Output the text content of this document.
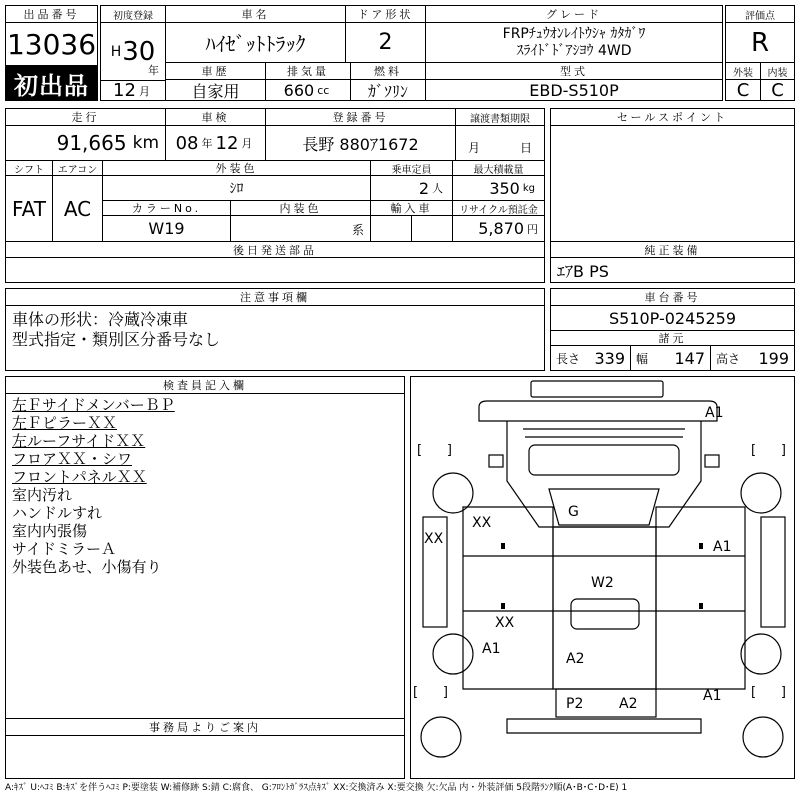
出品番号
13036
初出品
初度登録
H 30
年
12 月
車名
ﾊｲｾﾞｯﾄﾄﾗｯｸ
ドア形状
2
グレード
FRPﾁｭｳｵﾝﾚｲﾄｳｼｬ ｶﾀｶﾞﾜ
ｽﾗｲﾄﾞﾄﾞｱｼﾖｳ 4WD
評価点
R
車歴
自家用
排気量
660 cc
燃料
ｶﾞｿﾘﾝ
型式
EBD-S510P
外装
C
内装
C
走行
91,665 km
車検
08 年 12 月
登録番号
長野 880ｱ1672
譲渡書類期限
月	日
シフト
FAT
エアコン
AC
外装色
ｼﾛ
乗車定員
2 人
最大積載量
350 kg
カラーNo.
W19
内装色
系
輸入車	リサイクル預託金
5,870 円
セールスポイント
後日発送部品	純正装備
ｴｱB PS
注意事項欄
車体の形状：冷蔵冷凍車
型式指定・類別区分番号なし
車台番号
S510P-0245259
諸元
長さ 339 幅 147 高さ 199
検査員記入欄
左ＦサイドメンバーＢＰ
左ＦピラーＸＸ
左ルーフサイドＸＸ
フロアＸＸ・シワ
フロントパネルＸＸ
室内汚れ
ハンドルすれ
室内内張傷
サイドミラーＡ
外装色あせ、小傷有り
事務局よりご案内
[      ]	[      ]
[      ]	[      ]
A1
G
XX
XX	A1
W2
XX
A1
A2
A1
P2	A2
A:ｷｽﾞ U:ﾍｺﾐ B:ｷｽﾞを伴うﾍｺﾐ P:要塗装 W:補修跡 S:錆 C:腐食、 G:ﾌﾛﾝﾄｶﾞﾗｽ点ｷｽﾞ XX:交換済み X:要交換 欠:欠品 内・外装評価 5段階ﾗﾝｸ順(A･B･C･D･E) 1
